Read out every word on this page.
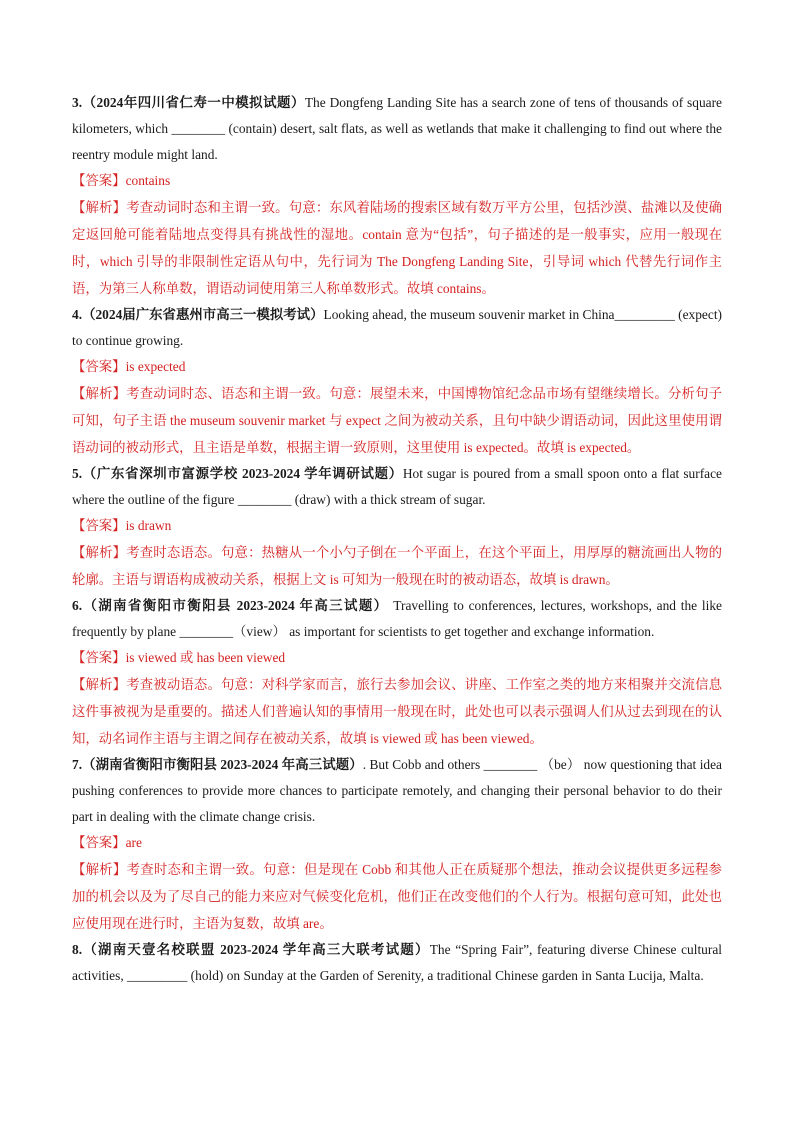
3.（2024年四川省仁寿一中模拟试题）The Dongfeng Landing Site has a search zone of tens of thousands of square kilometers, which ________ (contain) desert, salt flats, as well as wetlands that make it challenging to find out where the reentry module might land.

【答案】contains

【解析】考查动词时态和主谓一致。句意：东风着陆场的搜索区域有数万平方公里，包括沙漠、盐滩以及使确定返回舱可能着陆地点变得具有挑战性的湿地。contain 意为“包括”，句子描述的是一般事实，应用一般现在时，which 引导的非限制性定语从句中，先行词为 The Dongfeng Landing Site，引导词 which 代替先行词作主语，为第三人称单数，谓语动词使用第三人称单数形式。故填 contains。

4.（2024届广东省惠州市高三一模拟考试）Looking ahead, the museum souvenir market in China_________ (expect) to continue growing.

【答案】is expected

【解析】考查动词时态、语态和主谓一致。句意：展望未来，中国博物馆纪念品市场有望继续增长。分析句子可知，句子主语 the museum souvenir market 与 expect 之间为被动关系，且句中缺少谓语动词，因此这里使用谓语动词的被动形式，且主语是单数，根据主谓一致原则，这里使用 is expected。故填 is expected。

5.（广东省深圳市富源学校 2023-2024 学年调研试题）Hot sugar is poured from a small spoon onto a flat surface where the outline of the figure ________ (draw) with a thick stream of sugar.

【答案】is drawn

【解析】考查时态语态。句意：热糖从一个小勺子倒在一个平面上，在这个平面上，用厚厚的糖流画出人物的轮廓。主语与谓语构成被动关系，根据上文 is 可知为一般现在时的被动语态，故填 is drawn。

6.（湖南省衡阳市衡阳县 2023-2024 年高三试题） Travelling to conferences, lectures, workshops, and the like frequently by plane ________（view） as important for scientists to get together and exchange information.

【答案】is viewed 或 has been viewed

【解析】考查被动语态。句意：对科学家而言，旅行去参加会议、讲座、工作室之类的地方来相聚并交流信息这件事被视为是重要的。描述人们普遍认知的事情用一般现在时，此处也可以表示强调人们从过去到现在的认知，动名词作主语与主谓之间存在被动关系，故填 is viewed 或 has been viewed。

7.（湖南省衡阳市衡阳县 2023-2024 年高三试题）. But Cobb and others ________ （be） now questioning that idea pushing conferences to provide more chances to participate remotely, and changing their personal behavior to do their part in dealing with the climate change crisis.

【答案】are

【解析】考查时态和主谓一致。句意：但是现在 Cobb 和其他人正在质疑那个想法，推动会议提供更多远程参加的机会以及为了尽自己的能力来应对气候变化危机，他们正在改变他们的个人行为。根据句意可知，此处也应使用现在进行时，主语为复数，故填 are。

8.（湖南天壹名校联盟 2023-2024 学年高三大联考试题）The “Spring Fair”, featuring diverse Chinese cultural activities, _________ (hold) on Sunday at the Garden of Serenity, a traditional Chinese garden in Santa Lucija, Malta.
